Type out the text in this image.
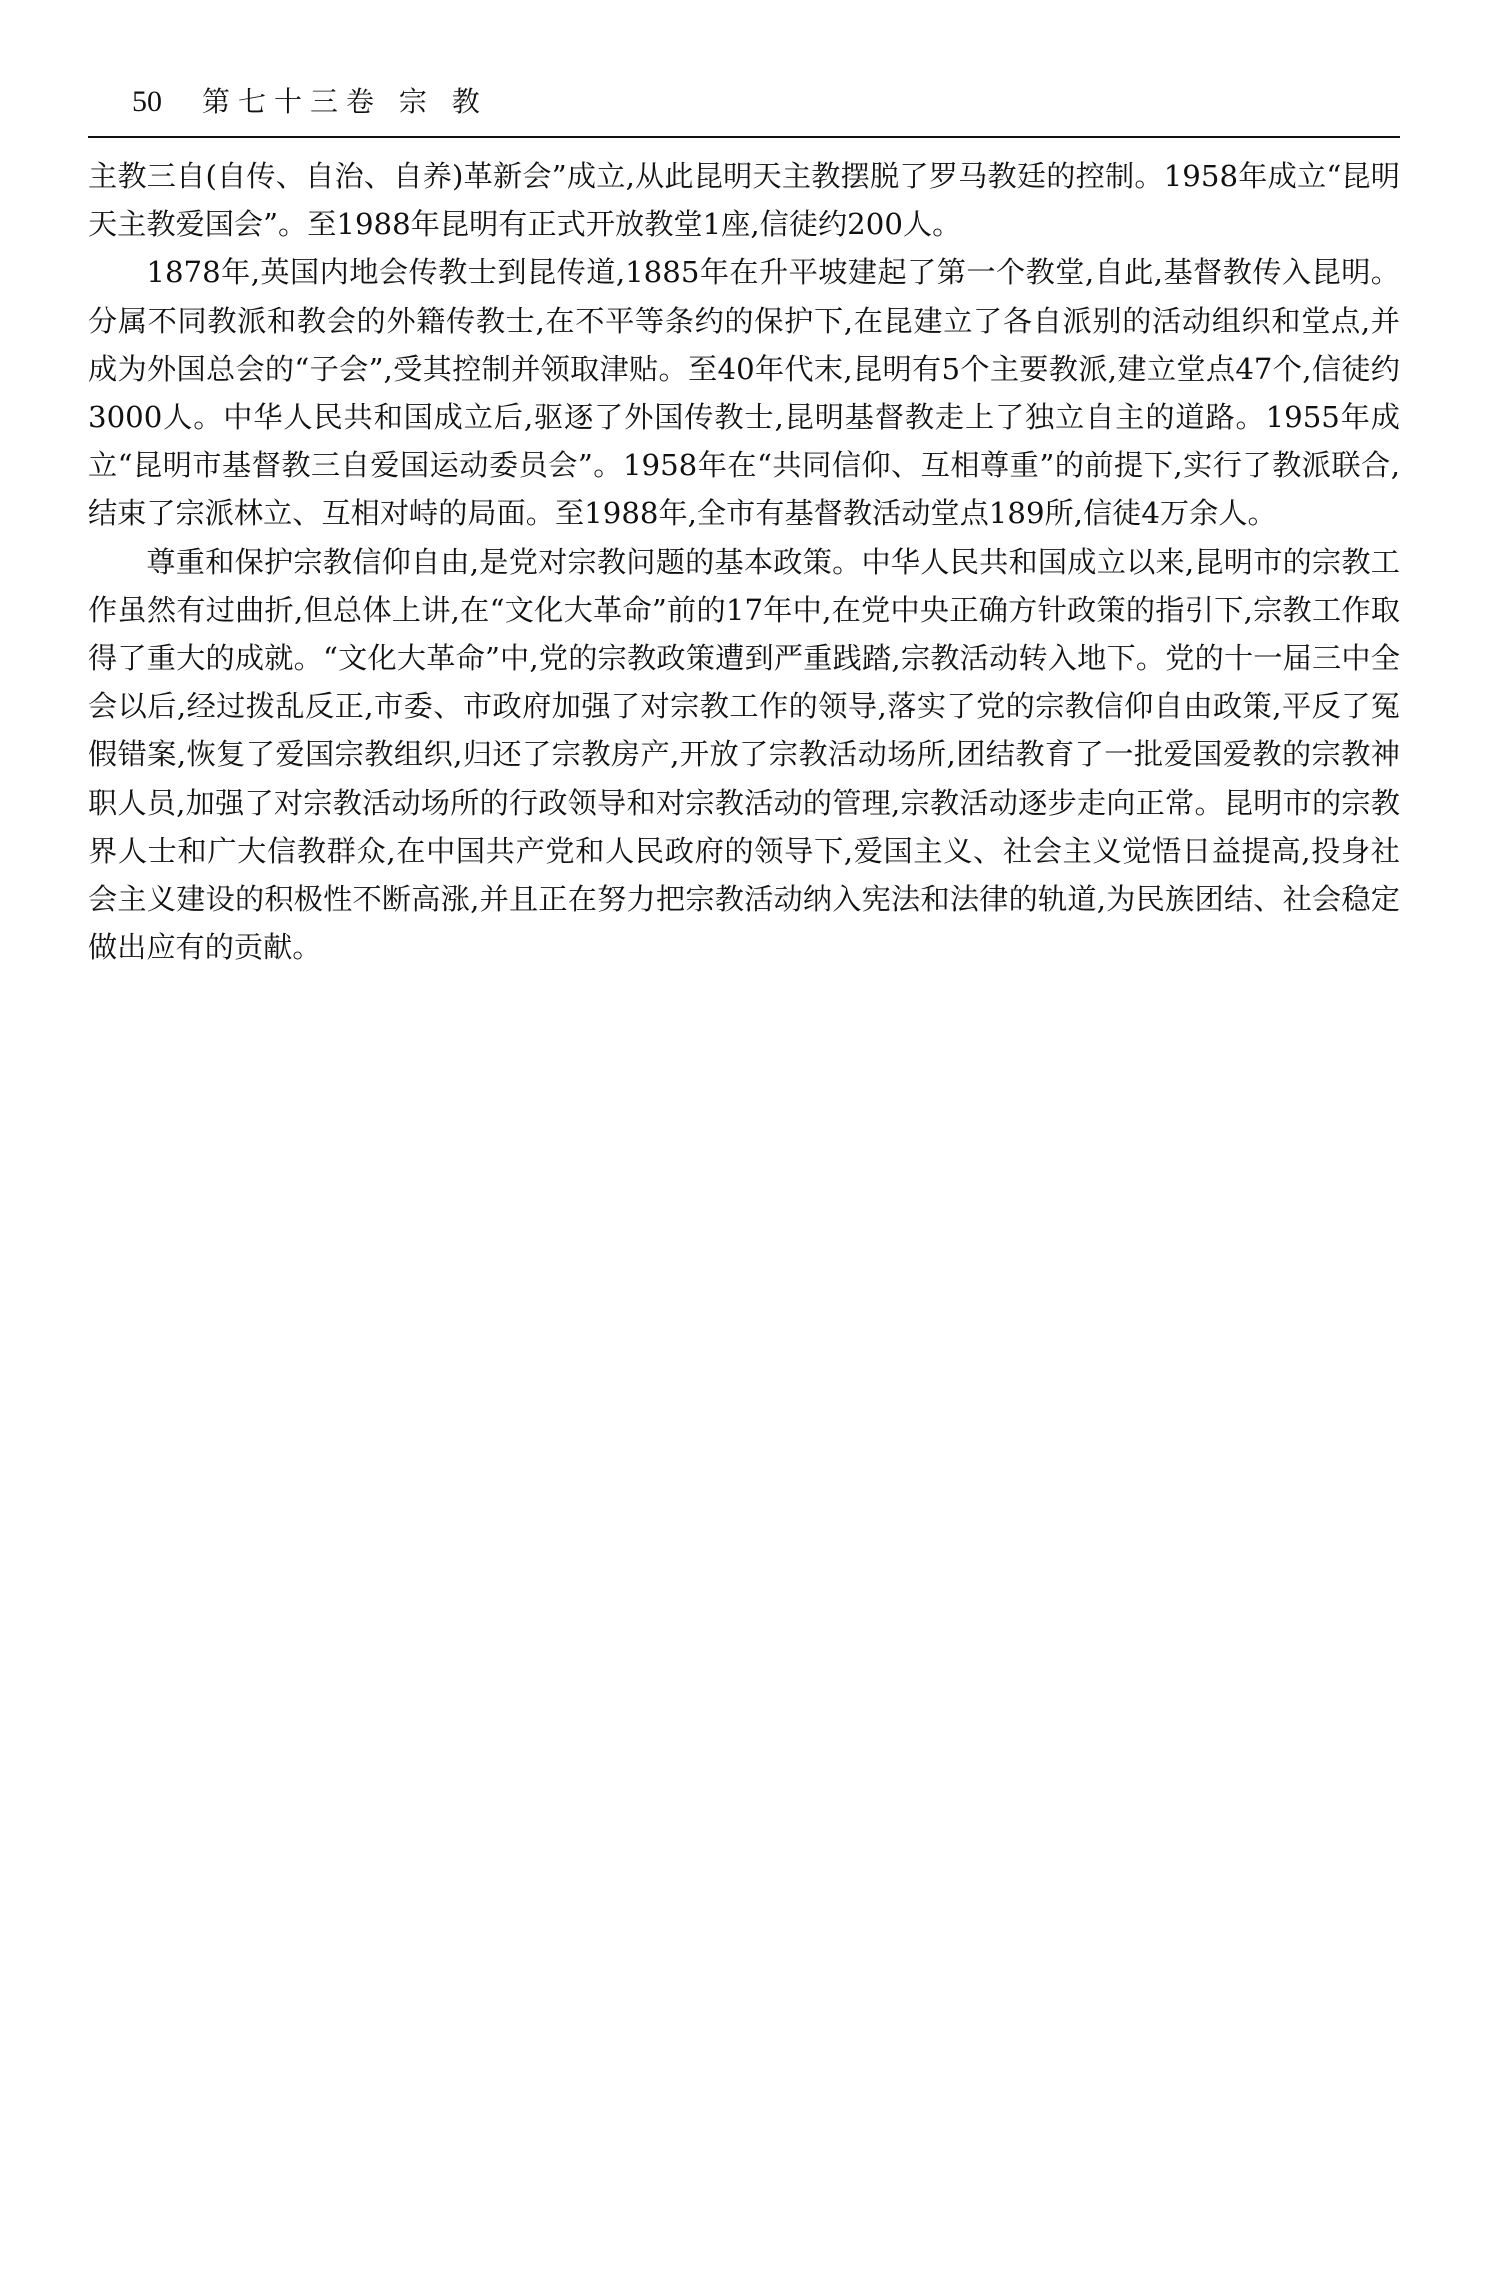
50 第七十三卷 宗 教

主教三自(自传、自治、自养)革新会”成立,从此昆明天主教摆脱了罗马教廷的控制。1958年成立“昆明天主教爱国会”。至1988年昆明有正式开放教堂1座,信徒约200人。

1878年,英国内地会传教士到昆传道,1885年在升平坡建起了第一个教堂,自此,基督教传入昆明。分属不同教派和教会的外籍传教士,在不平等条约的保护下,在昆建立了各自派别的活动组织和堂点,并成为外国总会的“子会”,受其控制并领取津贴。至40年代末,昆明有5个主要教派,建立堂点47个,信徒约3000人。中华人民共和国成立后,驱逐了外国传教士,昆明基督教走上了独立自主的道路。1955年成立“昆明市基督教三自爱国运动委员会”。1958年在“共同信仰、互相尊重”的前提下,实行了教派联合,结束了宗派林立、互相对峙的局面。至1988年,全市有基督教活动堂点189所,信徒4万余人。

尊重和保护宗教信仰自由,是党对宗教问题的基本政策。中华人民共和国成立以来,昆明市的宗教工作虽然有过曲折,但总体上讲,在“文化大革命”前的17年中,在党中央正确方针政策的指引下,宗教工作取得了重大的成就。“文化大革命”中,党的宗教政策遭到严重践踏,宗教活动转入地下。党的十一届三中全会以后,经过拨乱反正,市委、市政府加强了对宗教工作的领导,落实了党的宗教信仰自由政策,平反了冤假错案,恢复了爱国宗教组织,归还了宗教房产,开放了宗教活动场所,团结教育了一批爱国爱教的宗教神职人员,加强了对宗教活动场所的行政领导和对宗教活动的管理,宗教活动逐步走向正常。昆明市的宗教界人士和广大信教群众,在中国共产党和人民政府的领导下,爱国主义、社会主义觉悟日益提高,投身社会主义建设的积极性不断高涨,并且正在努力把宗教活动纳入宪法和法律的轨道,为民族团结、社会稳定做出应有的贡献。
